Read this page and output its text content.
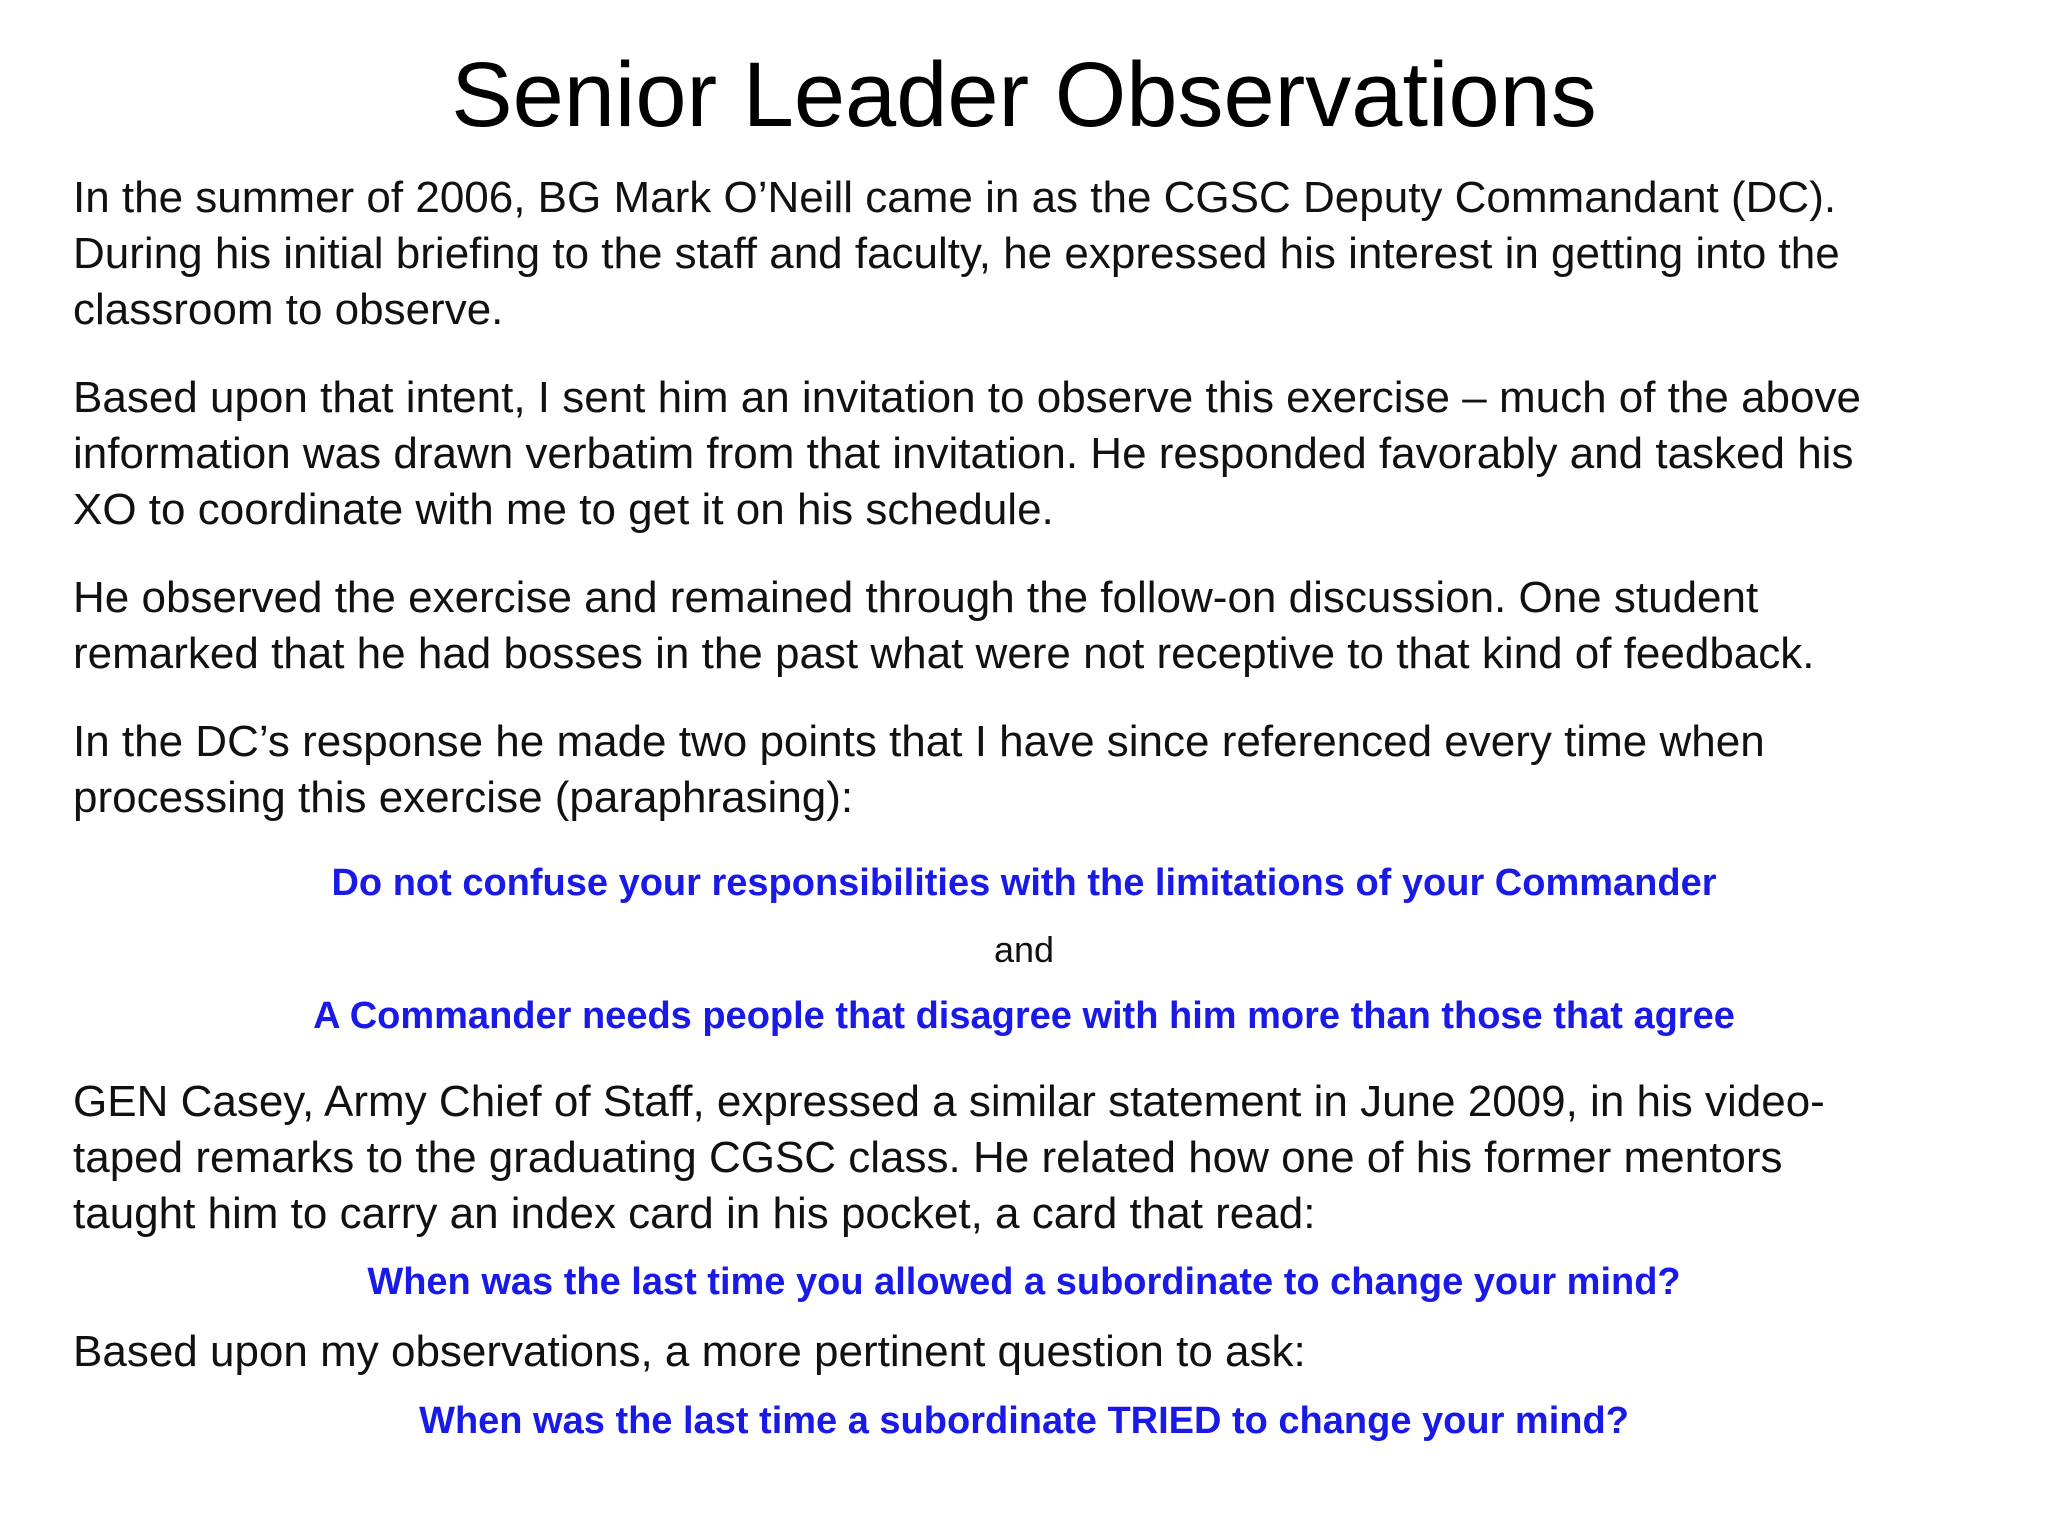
Senior Leader Observations
In the summer of 2006, BG Mark O’Neill came in as the CGSC Deputy Commandant (DC).
During his initial briefing to the staff and faculty, he expressed his interest in getting into the
classroom to observe.
Based upon that intent, I sent him an invitation to observe this exercise – much of the above
information was drawn verbatim from that invitation. He responded favorably and tasked his
XO to coordinate with me to get it on his schedule.
He observed the exercise and remained through the follow-on discussion. One student
remarked that he had bosses in the past what were not receptive to that kind of feedback.
In the DC’s response he made two points that I have since referenced every time when
processing this exercise (paraphrasing):
Do not confuse your responsibilities with the limitations of your Commander
and
A Commander needs people that disagree with him more than those that agree
GEN Casey, Army Chief of Staff, expressed a similar statement in June 2009, in his video-
taped remarks to the graduating CGSC class. He related how one of his former mentors
taught him to carry an index card in his pocket, a card that read:
When was the last time you allowed a subordinate to change your mind?
Based upon my observations, a more pertinent question to ask:
When was the last time a subordinate TRIED to change your mind?
